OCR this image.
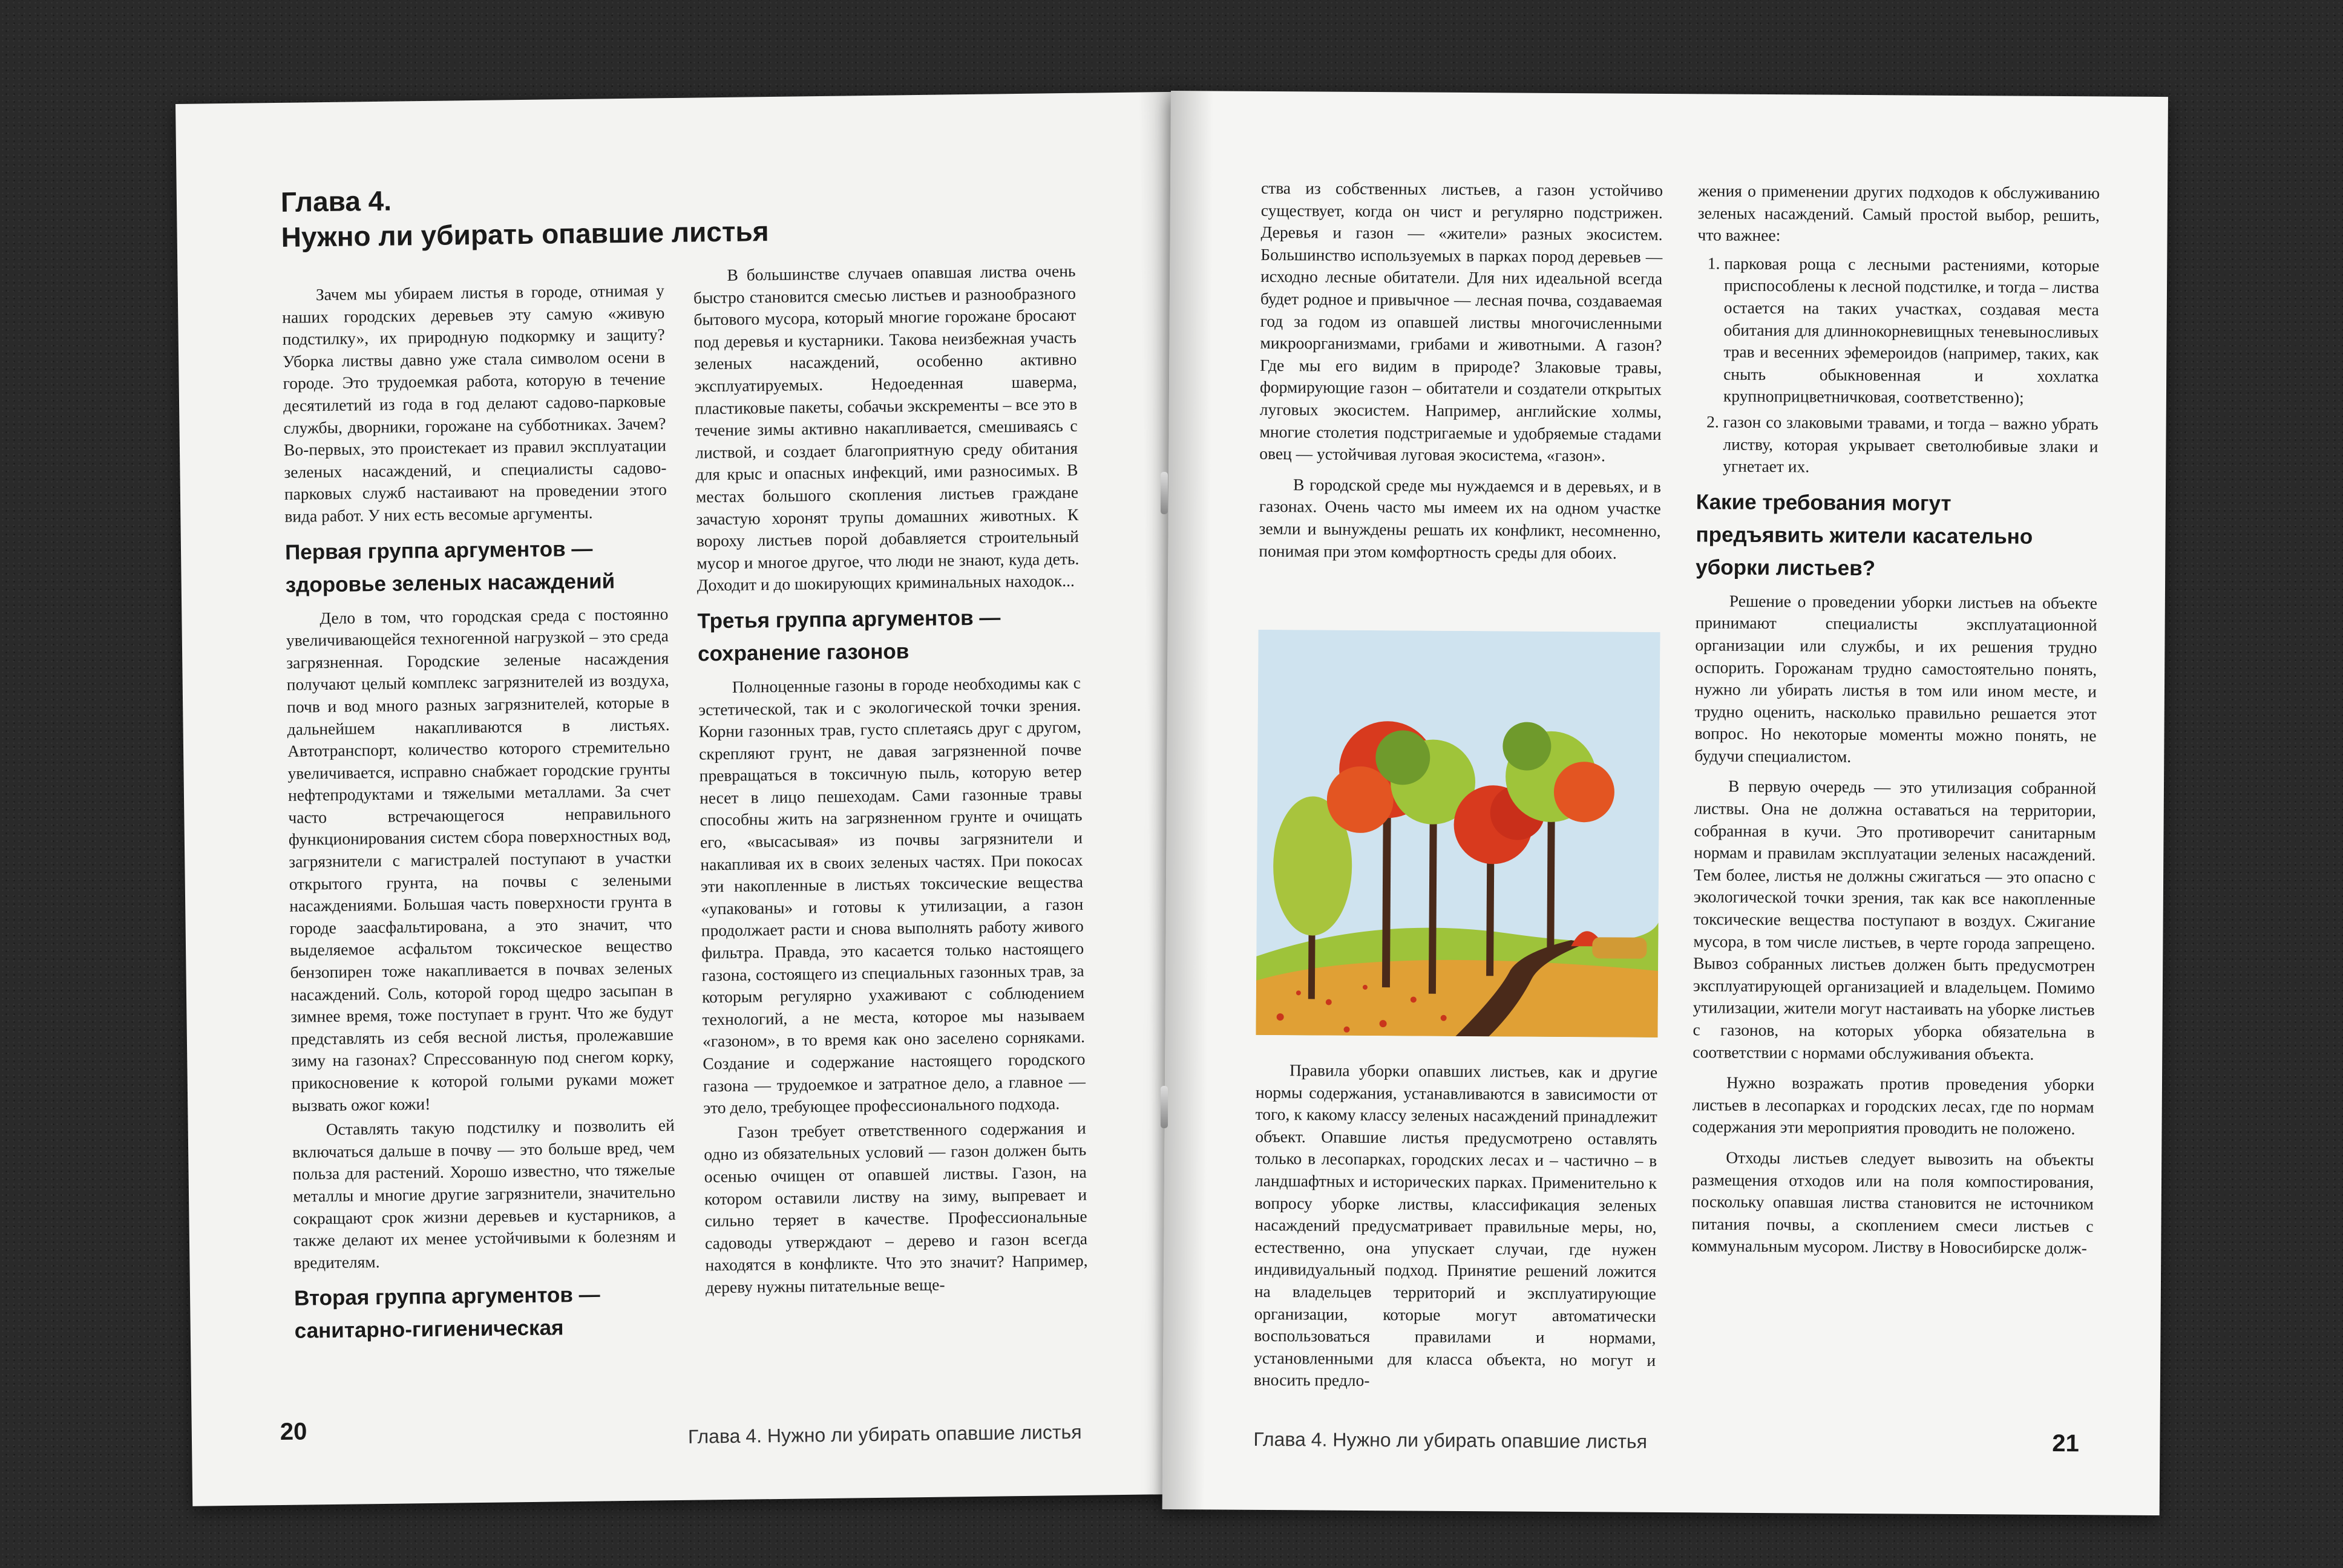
Глава 4.
Нужно ли убирать опавшие листья

Зачем мы убираем листья в городе, отнимая у наших городских деревьев эту самую «живую подстилку», их природную подкормку и защиту? Уборка листвы давно уже стала символом осени в городе. Это трудоемкая работа, которую в течение десятилетий из года в год делают садово-парковые службы, дворники, горожане на субботниках. Зачем? Во-первых, это проистекает из правил эксплуатации зеленых насаждений, и специалисты садово-парковых служб настаивают на проведении этого вида работ. У них есть весомые аргументы.

Первая группа аргументов —
здоровье зеленых насаждений

Дело в том, что городская среда с постоянно увеличивающейся техногенной нагрузкой – это среда загрязненная. Городские зеленые насаждения получают целый комплекс загрязнителей из воздуха, почв и вод много разных загрязнителей, которые в дальнейшем накапливаются в листьях. Автотранспорт, количество которого стремительно увеличивается, исправно снабжает городские грунты нефтепродуктами и тяжелыми металлами. За счет часто встречающегося неправильного функционирования систем сбора поверхностных вод, загрязнители с магистралей поступают в участки открытого грунта, на почвы с зелеными насаждениями. Большая часть поверхности грунта в городе заасфальтирована, а это значит, что выделяемое асфальтом токсическое вещество бензопирен тоже накапливается в почвах зеленых насаждений. Соль, которой город щедро засыпан в зимнее время, тоже поступает в грунт. Что же будут представлять из себя весной листья, пролежавшие зиму на газонах? Спрессованную под снегом корку, прикосновение к которой голыми руками может вызвать ожог кожи!

Оставлять такую подстилку и позволить ей включаться дальше в почву — это больше вред, чем польза для растений. Хорошо известно, что тяжелые металлы и многие другие загрязнители, значительно сокращают срок жизни деревьев и кустарников, а также делают их менее устойчивыми к болезням и вредителям.

Вторая группа аргументов —
санитарно-гигиеническая

В большинстве случаев опавшая листва очень быстро становится смесью листьев и разнообразного бытового мусора, который многие горожане бросают под деревья и кустарники. Такова неизбежная участь зеленых насаждений, особенно активно эксплуатируемых. Недоеденная шаверма, пластиковые пакеты, собачьи экскременты – все это в течение зимы активно накапливается, смешиваясь с листвой, и создает благоприятную среду обитания для крыс и опасных инфекций, ими разносимых. В местах большого скопления листьев граждане зачастую хоронят трупы домашних животных. К вороху листьев порой добавляется строительный мусор и многое другое, что люди не знают, куда деть. Доходит и до шокирующих криминальных находок...

Третья группа аргументов —
сохранение газонов

Полноценные газоны в городе необходимы как с эстетической, так и с экологической точки зрения. Корни газонных трав, густо сплетаясь друг с другом, скрепляют грунт, не давая загрязненной почве превращаться в токсичную пыль, которую ветер несет в лицо пешеходам. Сами газонные травы способны жить на загрязненном грунте и очищать его, «высасывая» из почвы загрязнители и накапливая их в своих зеленых частях. При покосах эти накопленные в листьях токсические вещества «упакованы» и готовы к утилизации, а газон продолжает расти и снова выполнять работу живого фильтра. Правда, это касается только настоящего газона, состоящего из специальных газонных трав, за которым регулярно ухаживают с соблюдением технологий, а не места, которое мы называем «газоном», в то время как оно заселено сорняками. Создание и содержание настоящего городского газона — трудоемкое и затратное дело, а главное — это дело, требующее профессионального подхода.

Газон требует ответственного содержания и одно из обязательных условий — газон должен быть осенью очищен от опавшей листвы. Газон, на котором оставили листву на зиму, выпревает и сильно теряет в качестве. Профессиональные садоводы утверждают – дерево и газон всегда находятся в конфликте. Что это значит? Например, дереву нужны питательные веще-

20	Глава 4. Нужно ли убирать опавшие листья

ства из собственных листьев, а газон устойчиво существует, когда он чист и регулярно подстрижен. Деревья и газон — «жители» разных экосистем. Большинство используемых в парках пород деревьев — исходно лесные обитатели. Для них идеальной всегда будет родное и привычное — лесная почва, создаваемая год за годом из опавшей листвы многочисленными микроорганизмами, грибами и животными. А газон? Где мы его видим в природе? Злаковые травы, формирующие газон – обитатели и создатели открытых луговых экосистем. Например, английские холмы, многие столетия подстригаемые и удобряемые стадами овец — устойчивая луговая экосистема, «газон».

В городской среде мы нуждаемся и в деревьях, и в газонах. Очень часто мы имеем их на одном участке земли и вынуждены решать их конфликт, несомненно, понимая при этом комфортность среды для обоих.

Правила уборки опавших листьев, как и другие нормы содержания, устанавливаются в зависимости от того, к какому классу зеленых насаждений принадлежит объект. Опавшие листья предусмотрено оставлять только в лесопарках, городских лесах и – частично – в ландшафтных и исторических парках. Применительно к вопросу уборке листвы, классификация зеленых насаждений предусматривает правильные меры, но, естественно, она упускает случаи, где нужен индивидуальный подход. Принятие решений ложится на владельцев территорий и эксплуатирующие организации, которые могут автоматически воспользоваться правилами и нормами, установленными для класса объекта, но могут и вносить предло-

жения о применении других подходов к обслуживанию зеленых насаждений. Самый простой выбор, решить, что важнее:

1. парковая роща с лесными растениями, которые приспособлены к лесной подстилке, и тогда – листва остается на таких участках, создавая места обитания для длиннокорневищных теневыносливых трав и весенних эфемероидов (например, таких, как сныть обыкновенная и хохлатка крупноприцветничковая, соответственно);
2. газон со злаковыми травами, и тогда – важно убрать листву, которая укрывает светолюбивые злаки и угнетает их.
Какие требования могут
предъявить жители касательно
уборки листьев?

Решение о проведении уборки листьев на объекте принимают специалисты эксплуатационной организации или службы, и их решения трудно оспорить. Горожанам трудно самостоятельно понять, нужно ли убирать листья в том или ином месте, и трудно оценить, насколько правильно решается этот вопрос. Но некоторые моменты можно понять, не будучи специалистом.

В первую очередь — это утилизация собранной листвы. Она не должна оставаться на территории, собранная в кучи. Это противоречит санитарным нормам и правилам эксплуатации зеленых насаждений. Тем более, листья не должны сжигаться — это опасно с экологической точки зрения, так как все накопленные токсические вещества поступают в воздух. Сжигание мусора, в том числе листьев, в черте города запрещено. Вывоз собранных листьев должен быть предусмотрен эксплуатирующей организацией и владельцем. Помимо утилизации, жители могут настаивать на уборке листьев с газонов, на которых уборка обязательна в соответствии с нормами обслуживания объекта.

Нужно возражать против проведения уборки листьев в лесопарках и городских лесах, где по нормам содержания эти мероприятия проводить не положено.

Отходы листьев следует вывозить на объекты размещения отходов или на поля компостирования, поскольку опавшая листва становится не источником питания почвы, а скоплением смеси листьев с коммунальным мусором. Листву в Новосибирске долж-

Глава 4. Нужно ли убирать опавшие листья	21
